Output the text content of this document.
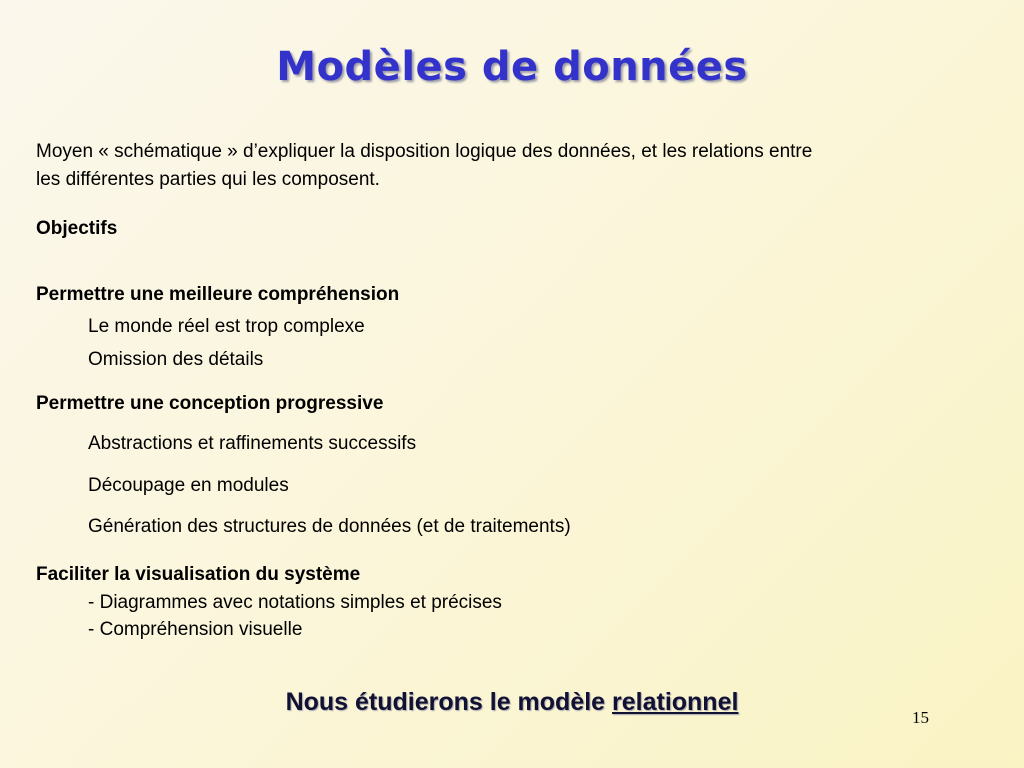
Modèles de données
Moyen « schématique » d’expliquer la disposition logique des données, et les relations entre
les différentes parties qui les composent.
Objectifs
Permettre une meilleure compréhension
Le monde réel est trop complexe
Omission des détails
Permettre une conception progressive
Abstractions et raffinements successifs
Découpage en modules
Génération des structures de données (et de traitements)
Faciliter la visualisation du système
- Diagrammes avec notations simples et précises
- Compréhension visuelle
Nous étudierons le modèle relationnel
15
